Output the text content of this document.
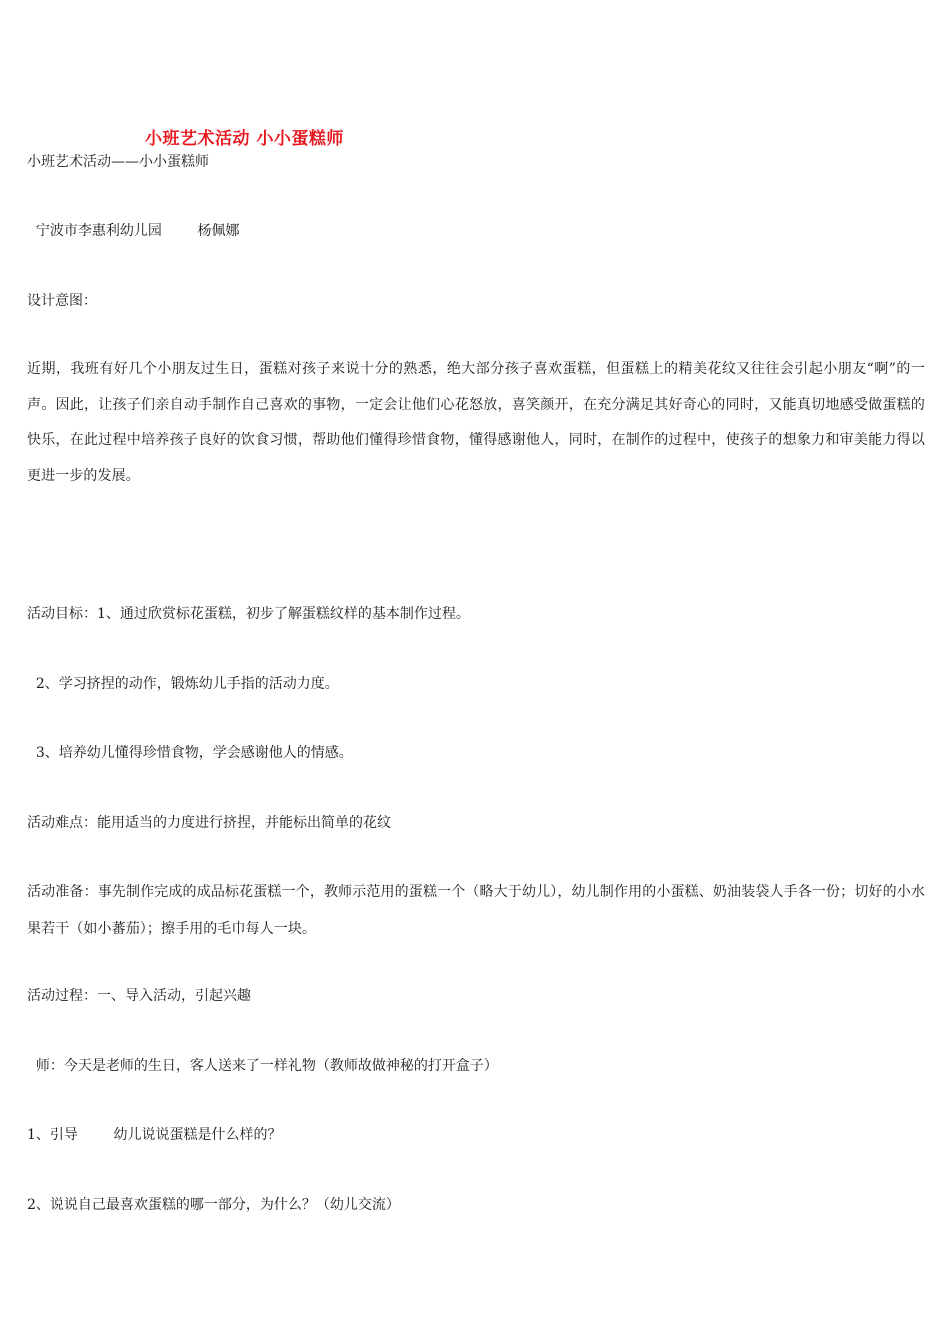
小班艺术活动 小小蛋糕师
小班艺术活动——小小蛋糕师
宁波市李惠利幼儿园        杨佩娜
设计意图：
近期，我班有好几个小朋友过生日，蛋糕对孩子来说十分的熟悉，绝大部分孩子喜欢蛋糕，但蛋糕上的精美花纹又往往会引起小朋友“啊”的一声。因此，让孩子们亲自动手制作自己喜欢的事物，一定会让他们心花怒放，喜笑颜开，在充分满足其好奇心的同时，又能真切地感受做蛋糕的快乐，在此过程中培养孩子良好的饮食习惯，帮助他们懂得珍惜食物，懂得感谢他人，同时，在制作的过程中，使孩子的想象力和审美能力得以更进一步的发展。
活动目标：1、通过欣赏标花蛋糕，初步了解蛋糕纹样的基本制作过程。
2、学习挤捏的动作，锻炼幼儿手指的活动力度。
3、培养幼儿懂得珍惜食物，学会感谢他人的情感。
活动难点：能用适当的力度进行挤捏，并能标出简单的花纹
活动准备：事先制作完成的成品标花蛋糕一个，教师示范用的蛋糕一个（略大于幼儿），幼儿制作用的小蛋糕、奶油装袋人手各一份；切好的小水果若干（如小蕃茄）；擦手用的毛巾每人一块。
活动过程：一、导入活动，引起兴趣
师：今天是老师的生日，客人送来了一样礼物（教师故做神秘的打开盒子）
1、引导        幼儿说说蛋糕是什么样的？
2、说说自己最喜欢蛋糕的哪一部分，为什么？（幼儿交流）
